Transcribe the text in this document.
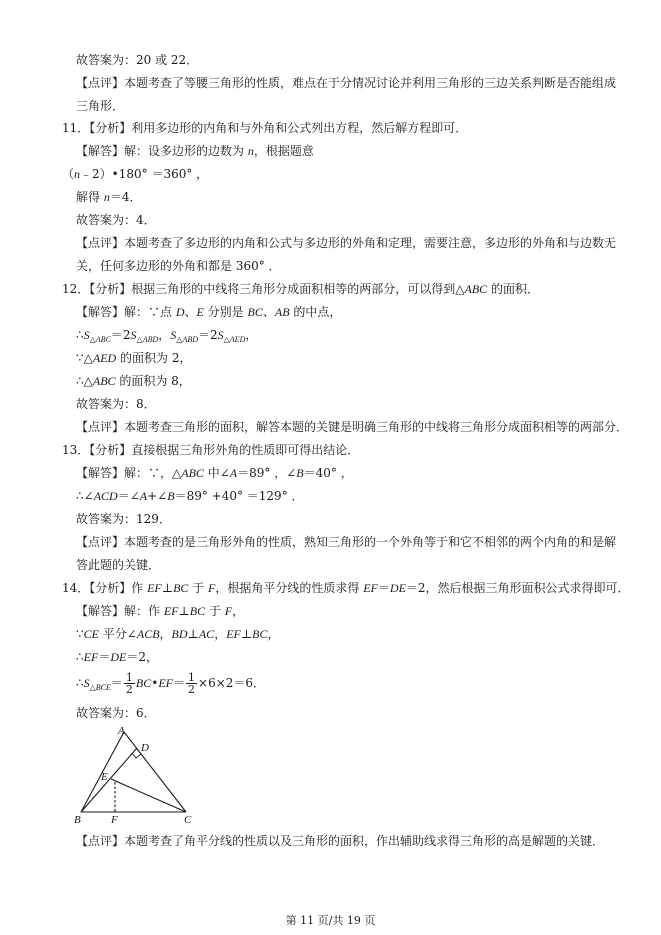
故答案为：20 或 22．
【点评】本题考查了等腰三角形的性质，难点在于分情况讨论并利用三角形的三边关系判断是否能组成
三角形．
11．【分析】利用多边形的内角和与外角和公式列出方程，然后解方程即可．
【解答】解：设多边形的边数为 n，根据题意
（n﹣2）•180° ＝360° ，
解得 n＝4．
故答案为：4．
【点评】本题考查了多边形的内角和公式与多边形的外角和定理，需要注意，多边形的外角和与边数无
关，任何多边形的外角和都是 360° ．
12．【分析】根据三角形的中线将三角形分成面积相等的两部分，可以得到△ABC 的面积．
【解答】解：∵点 D、E 分别是 BC、AB 的中点，
$\therefore S_{\triangle ABC}=2S_{\triangle ABD}$，$S_{\triangle ABD}=2S_{\triangle AED}$，
∵△AED 的面积为 2，
∴△ABC 的面积为 8，
故答案为：8．
【点评】本题考查三角形的面积，解答本题的关键是明确三角形的中线将三角形分成面积相等的两部分．
13．【分析】直接根据三角形外角的性质即可得出结论．
【解答】解：∵，△ABC 中∠A＝89° ，∠B＝40° ，
∴∠ACD＝∠A+∠B＝89° +40° ＝129° ．
故答案为：129．
【点评】本题考查的是三角形外角的性质，熟知三角形的一个外角等于和它不相邻的两个内角的和是解
答此题的关键．
14．【分析】作 EF⊥BC 于 F，根据角平分线的性质求得 EF＝DE＝2，然后根据三角形面积公式求得即可．
【解答】解：作 EF⊥BC 于 F，
∵CE 平分∠ACB，BD⊥AC，EF⊥BC，
∴EF＝DE＝2，
$\therefore S_{\triangle BCE}= \frac{1}{2}$ BC•EF＝ $\frac{1}{2} \times 6\times 2=6$．
故答案为：6．
【点评】本题考查了角平分线的性质以及三角形的面积，作出辅助线求得三角形的高是解题的关键．
A
D
E
B	F	C
第 11 页/共 19 页
